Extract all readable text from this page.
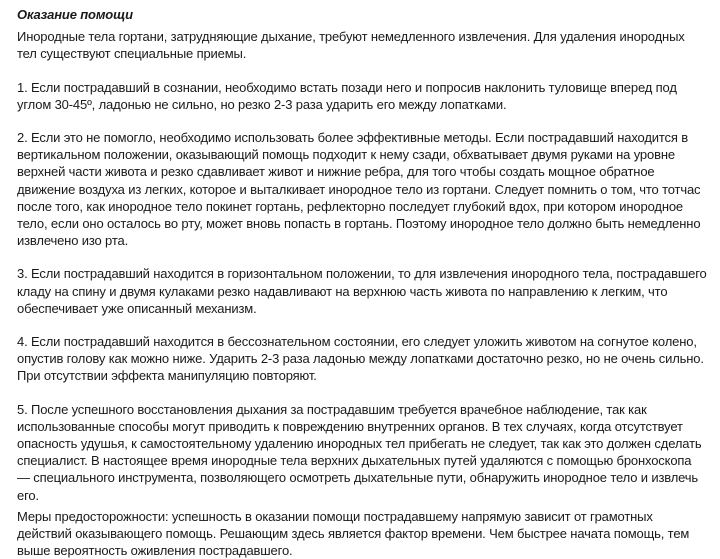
Оказание помощи

Инородные тела гортани, затрудняющие дыхание, требуют немедленного извлечения. Для удаления инородных тел существуют специальные приемы.

1. Если пострадавший в сознании, необходимо встать позади него и попросив наклонить туловище вперед под углом 30-45º, ладонью не сильно, но резко 2-3 раза ударить его между лопатками.

2. Если это не помогло, необходимо использовать более эффективные методы. Если пострадавший находится в вертикальном положении, оказывающий помощь подходит к нему сзади, обхватывает двумя руками на уровне верхней части живота и резко сдавливает живот и нижние ребра, для того чтобы создать мощное обратное движение воздуха из легких, которое и выталкивает инородное тело из гортани. Следует помнить о том, что тотчас после того, как инородное тело покинет гортань, рефлекторно последует глубокий вдох, при котором инородное тело, если оно осталось во рту, может вновь попасть в гортань. Поэтому инородное тело должно быть немедленно извлечено изо рта.

3. Если пострадавший находится в горизонтальном положении, то для извлечения инородного тела, пострадавшего кладу на спину и двумя кулаками резко надавливают на верхнюю часть живота по направлению к легким, что обеспечивает уже описанный механизм.

4. Если пострадавший находится в бессознательном состоянии, его следует уложить животом на согнутое колено, опустив голову как можно ниже. Ударить 2-3 раза ладонью между лопатками достаточно резко, но не очень сильно. При отсутствии эффекта манипуляцию повторяют.

5. После успешного восстановления дыхания за пострадавшим требуется врачебное наблюдение, так как использованные способы могут приводить к повреждению внутренних органов. В тех случаях, когда отсутствует опасность удушья, к самостоятельному удалению инородных тел прибегать не следует, так как это должен сделать специалист. В настоящее время инородные тела верхних дыхательных путей удаляются с помощью бронхоскопа — специального инструмента, позволяющего осмотреть дыхательные пути, обнаружить инородное тело и извлечь его.

Меры предосторожности: успешность в оказании помощи пострадавшему напрямую зависит от грамотных действий оказывающего помощь. Решающим здесь является фактор времени. Чем быстрее начата помощь, тем выше вероятность оживления пострадавшего.
